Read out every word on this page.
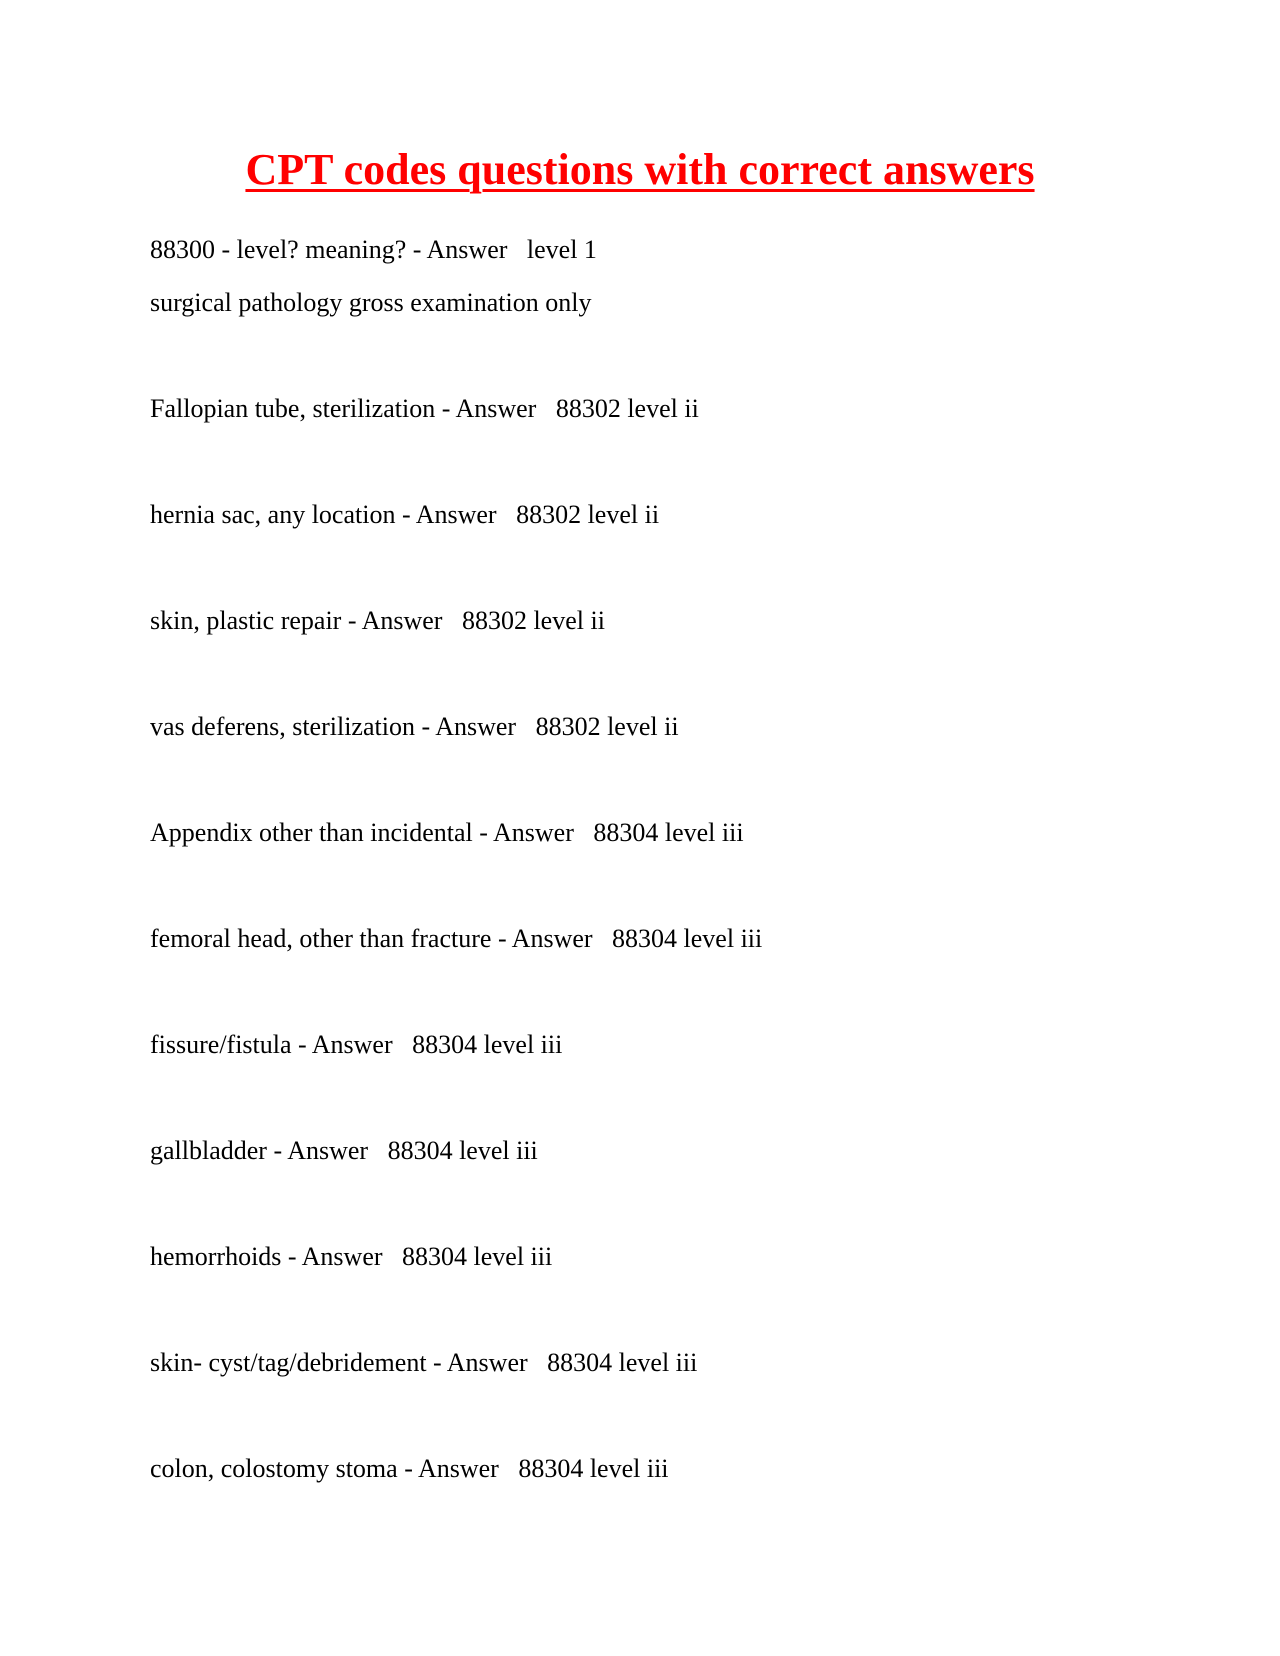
CPT codes questions with correct answers

88300 - level? meaning? - Answer level 1

surgical pathology gross examination only

Fallopian tube, sterilization - Answer 88302 level ii

hernia sac, any location - Answer 88302 level ii

skin, plastic repair - Answer 88302 level ii

vas deferens, sterilization - Answer 88302 level ii

Appendix other than incidental - Answer 88304 level iii

femoral head, other than fracture - Answer 88304 level iii

fissure/fistula - Answer 88304 level iii

gallbladder - Answer 88304 level iii

hemorrhoids - Answer 88304 level iii

skin- cyst/tag/debridement - Answer 88304 level iii

colon, colostomy stoma - Answer 88304 level iii
